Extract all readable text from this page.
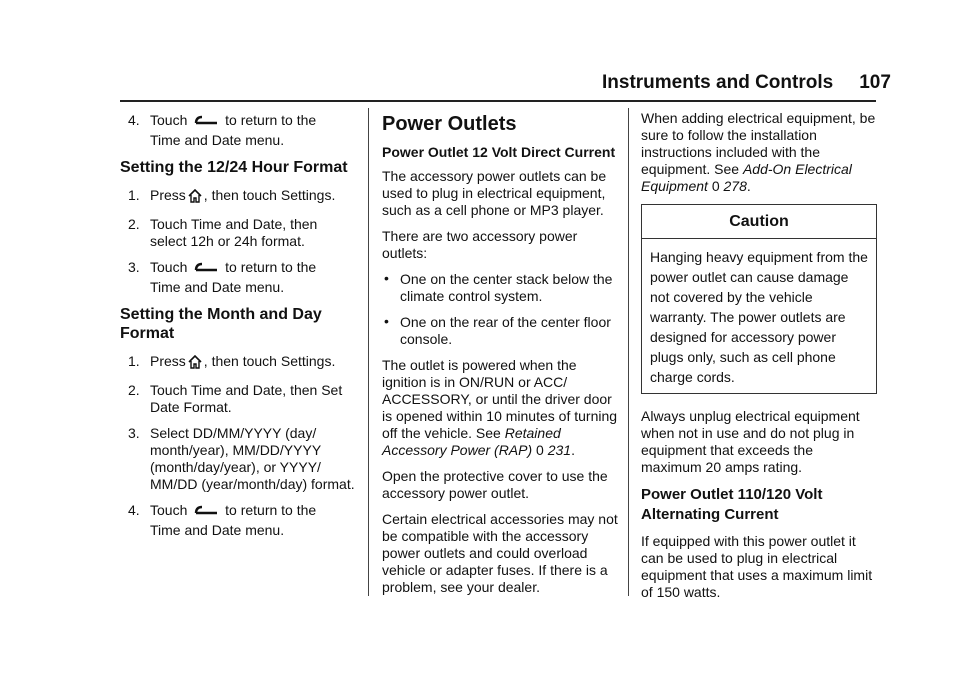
Instruments and Controls 107
4. Touch	to return to the
Time and Date menu.
Setting the 12/24 Hour Format
1. Press , then touch Settings.
2. Touch Time and Date, then select 12h or 24h format.
3. Touch	to return to the
Time and Date menu.
Setting the Month and Day Format
1. Press , then touch Settings.
2. Touch Time and Date, then Set Date Format.
3. Select DD/MM/YYYY (day/ month/year), MM/DD/YYYY (month/day/year), or YYYY/ MM/DD (year/month/day) format.
4. Touch	to return to the
Time and Date menu.
Power Outlets
Power Outlet 12 Volt Direct Current

The accessory power outlets can be used to plug in electrical equipment, such as a cell phone or MP3 player.

There are two accessory power outlets:

• One on the center stack below the climate control system.
• One on the rear of the center floor console.

The outlet is powered when the ignition is in ON/RUN or ACC/ ACCESSORY, or until the driver door is opened within 10 minutes of turning off the vehicle. See Retained Accessory Power (RAP) 0 231.

Open the protective cover to use the accessory power outlet.

Certain electrical accessories may not be compatible with the accessory power outlets and could overload vehicle or adapter fuses. If there is a problem, see your dealer.

When adding electrical equipment, be sure to follow the installation instructions included with the equipment. See Add-On Electrical Equipment 0 278.

Caution
Hanging heavy equipment from the power outlet can cause damage not covered by the vehicle warranty. The power outlets are designed for accessory power plugs only, such as cell phone charge cords.

Always unplug electrical equipment when not in use and do not plug in equipment that exceeds the maximum 20 amps rating.

Power Outlet 110/120 Volt Alternating Current

If equipped with this power outlet it can be used to plug in electrical equipment that uses a maximum limit of 150 watts.
